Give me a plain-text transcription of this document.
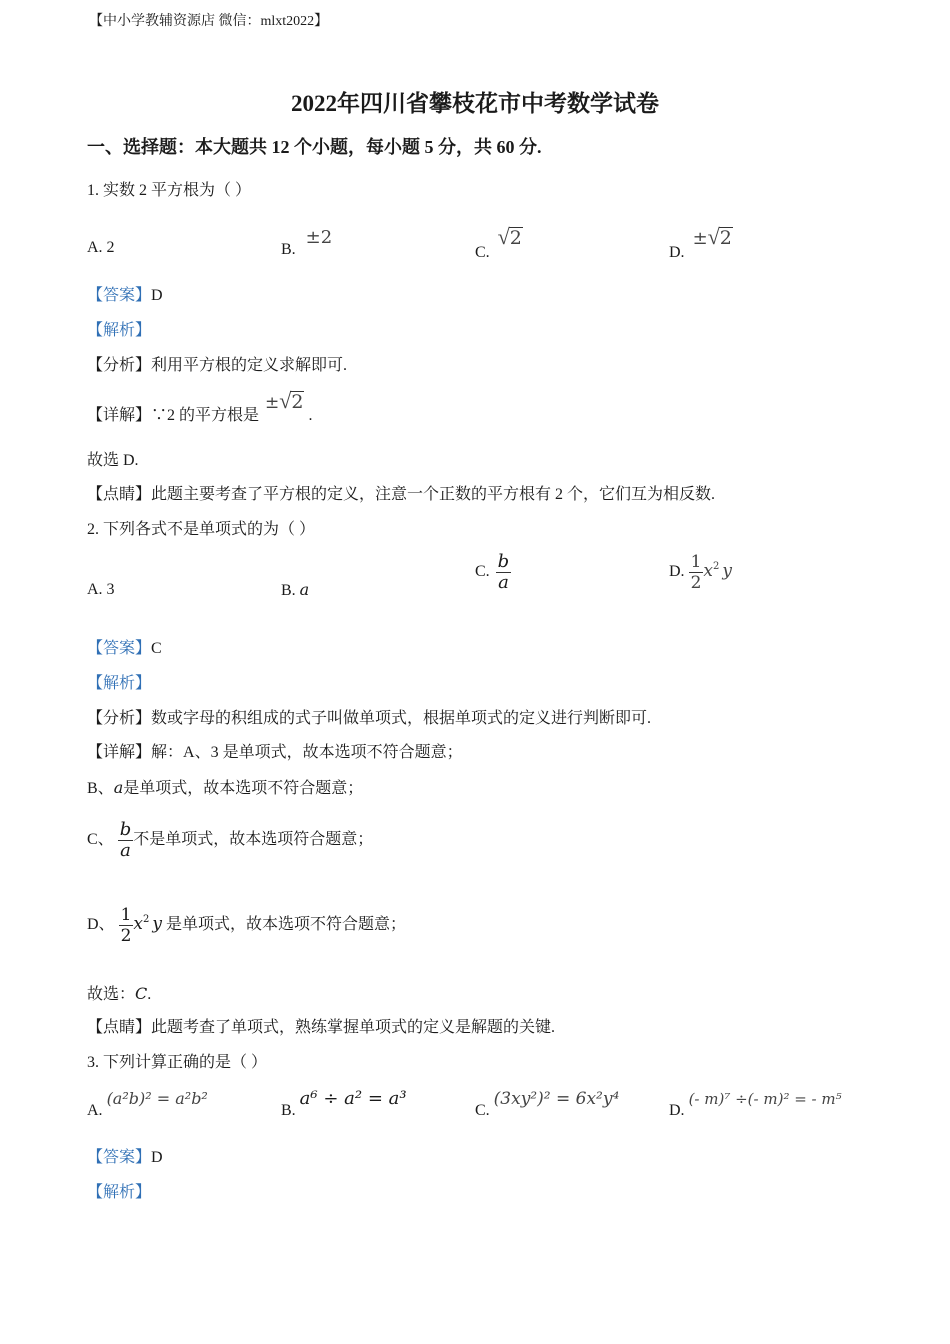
【中小学教辅资源店 微信：mlxt2022】
2022年四川省攀枝花市中考数学试卷
一、选择题：本大题共 12 个小题，每小题 5 分，共 60 分.
1. 实数 2 平方根为（ ）
A. 2	B. ±2
C.
√ 2
D. ± √ 2
【答案】D
【解析】
【分析】利用平方根的定义求解即可.
【详解】∵2 的平方根是 ± √ 2
.
故选 D.
【点睛】此题主要考查了平方根的定义，注意一个正数的平方根有 2 个，它们互为相反数.
2. 下列各式不是单项式的为（ ）
A. 3	B. a
C. $\frac{b}{a}$	D. $\frac{1}{2} x^2$ y
【答案】C
【解析】
【分析】数或字母的积组成的式子叫做单项式，根据单项式的定义进行判断即可.
【详解】解：A、3 是单项式，故本选项不符合题意；
B、a是单项式，故本选项不符合题意；
C、 $\frac{b}{a}$ 不是单项式，故本选项符合题意；
D、 $\frac{1}{2} x^2$ y 是单项式，故本选项不符合题意；
故选：C.
【点睛】此题考查了单项式，熟练掌握单项式的定义是解题的关键.
3. 下列计算正确的是（ ）
A. (a²b)² = a²b²
B. a⁶ ÷ a² = a³
C. (3xy²)² = 6x²y⁴
D. (- m)⁷ ÷(- m)² = - m⁵
【答案】D
【解析】
